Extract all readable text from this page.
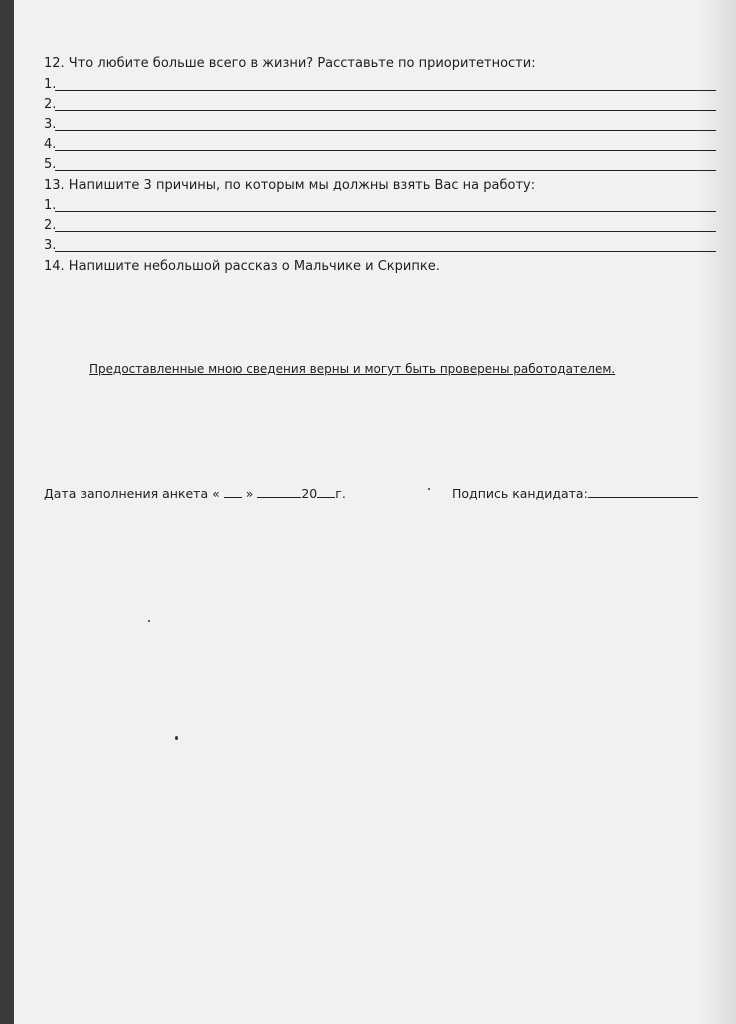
12. Что любите больше всего в жизни? Расставьте по приоритетности:
1.
2.
3.
4.
5.
13. Напишите 3 причины, по которым мы должны взять Вас на работу:
1.
2.
3.
14. Напишите небольшой рассказ о Мальчике и Скрипке.
Предоставленные мною сведения верны и могут быть проверены работодателем.
Дата заполнения анкета « »	20 г.	Подпись кандидата:
